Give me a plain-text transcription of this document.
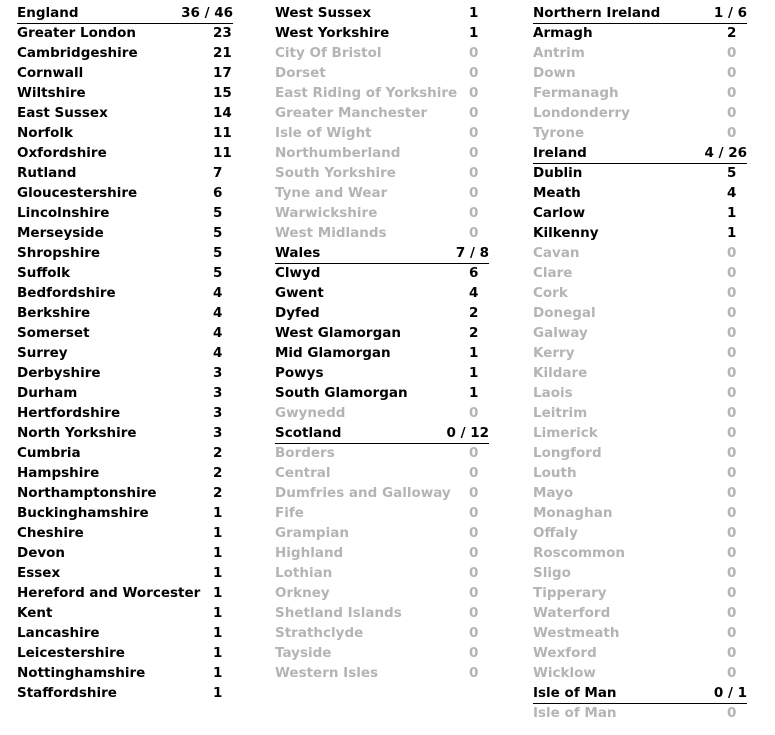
England	36 / 46
Greater London	23
Cambridgeshire	21
Cornwall	17
Wiltshire	15
East Sussex	14
Norfolk	11
Oxfordshire	11
Rutland	7
Gloucestershire	6
Lincolnshire	5
Merseyside	5
Shropshire	5
Suffolk	5
Bedfordshire	4
Berkshire	4
Somerset	4
Surrey	4
Derbyshire	3
Durham	3
Hertfordshire	3
North Yorkshire	3
Cumbria	2
Hampshire	2
Northamptonshire	2
Buckinghamshire	1
Cheshire	1
Devon	1
Essex	1
Hereford and Worcester 1
Kent	1
Lancashire	1
Leicestershire	1
Nottinghamshire	1
Staffordshire	1
West Sussex	1
West Yorkshire	1
City Of Bristol	0
Dorset	0
East Riding of Yorkshire 0
Greater Manchester	0
Isle of Wight	0
Northumberland	0
South Yorkshire	0
Tyne and Wear	0
Warwickshire	0
West Midlands	0
Wales	7 / 8
Clwyd	6
Gwent	4
Dyfed	2
West Glamorgan	2
Mid Glamorgan	1
Powys	1
South Glamorgan	1
Gwynedd	0
Scotland	0 / 12
Borders	0
Central	0
Dumfries and Galloway 0
Fife	0
Grampian	0
Highland	0
Lothian	0
Orkney	0
Shetland Islands	0
Strathclyde	0
Tayside	0
Western Isles	0
Northern Ireland	1 / 6
Armagh	2
Antrim	0
Down	0
Fermanagh	0
Londonderry	0
Tyrone	0
Ireland	4 / 26
Dublin	5
Meath	4
Carlow	1
Kilkenny	1
Cavan	0
Clare	0
Cork	0
Donegal	0
Galway	0
Kerry	0
Kildare	0
Laois	0
Leitrim	0
Limerick	0
Longford	0
Louth	0
Mayo	0
Monaghan	0
Offaly	0
Roscommon	0
Sligo	0
Tipperary	0
Waterford	0
Westmeath	0
Wexford	0
Wicklow	0
Isle of Man	0 / 1
Isle of Man	0
